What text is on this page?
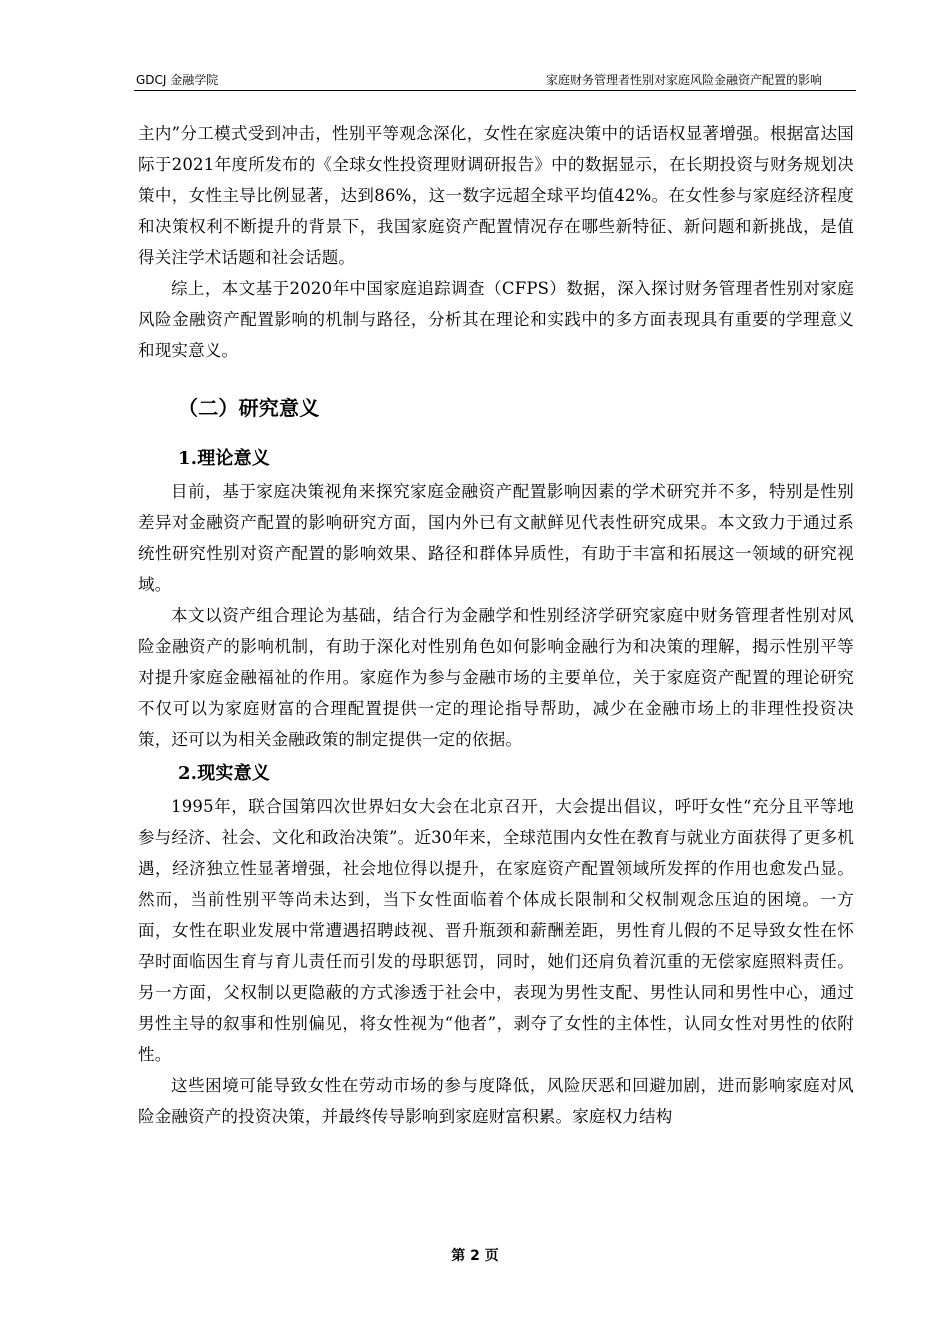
GDCJ 金融学院	家庭财务管理者性别对家庭风险金融资产配置的影响

主内”分工模式受到冲击，性别平等观念深化，女性在家庭决策中的话语权显著增强。根据富达国际于2021年度所发布的《全球女性投资理财调研报告》中的数据显示，在长期投资与财务规划决策中，女性主导比例显著，达到86%，这一数字远超全球平均值42%。在女性参与家庭经济程度和决策权利不断提升的背景下，我国家庭资产配置情况存在哪些新特征、新问题和新挑战，是值得关注学术话题和社会话题。

综上，本文基于2020年中国家庭追踪调查（CFPS）数据，深入探讨财务管理者性别对家庭风险金融资产配置影响的机制与路径，分析其在理论和实践中的多方面表现具有重要的学理意义和现实意义。

（二）研究意义
1.理论意义

目前，基于家庭决策视角来探究家庭金融资产配置影响因素的学术研究并不多，特别是性别差异对金融资产配置的影响研究方面，国内外已有文献鲜见代表性研究成果。本文致力于通过系统性研究性别对资产配置的影响效果、路径和群体异质性，有助于丰富和拓展这一领域的研究视域。

本文以资产组合理论为基础，结合行为金融学和性别经济学研究家庭中财务管理者性别对风险金融资产的影响机制，有助于深化对性别角色如何影响金融行为和决策的理解，揭示性别平等对提升家庭金融福祉的作用。家庭作为参与金融市场的主要单位，关于家庭资产配置的理论研究不仅可以为家庭财富的合理配置提供一定的理论指导帮助，减少在金融市场上的非理性投资决策，还可以为相关金融政策的制定提供一定的依据。

2.现实意义

1995年，联合国第四次世界妇女大会在北京召开，大会提出倡议，呼吁女性“充分且平等地参与经济、社会、文化和政治决策”。近30年来，全球范围内女性在教育与就业方面获得了更多机遇，经济独立性显著增强，社会地位得以提升，在家庭资产配置领域所发挥的作用也愈发凸显。然而，当前性别平等尚未达到，当下女性面临着个体成长限制和父权制观念压迫的困境。一方面，女性在职业发展中常遭遇招聘歧视、晋升瓶颈和薪酬差距，男性育儿假的不足导致女性在怀孕时面临因生育与育儿责任而引发的母职惩罚，同时，她们还肩负着沉重的无偿家庭照料责任。另一方面，父权制以更隐蔽的方式渗透于社会中，表现为男性支配、男性认同和男性中心，通过男性主导的叙事和性别偏见，将女性视为“他者”，剥夺了女性的主体性，认同女性对男性的依附性。

这些困境可能导致女性在劳动市场的参与度降低，风险厌恶和回避加剧，进而影响家庭对风险金融资产的投资决策，并最终传导影响到家庭财富积累。家庭权力结构

第 2 页
